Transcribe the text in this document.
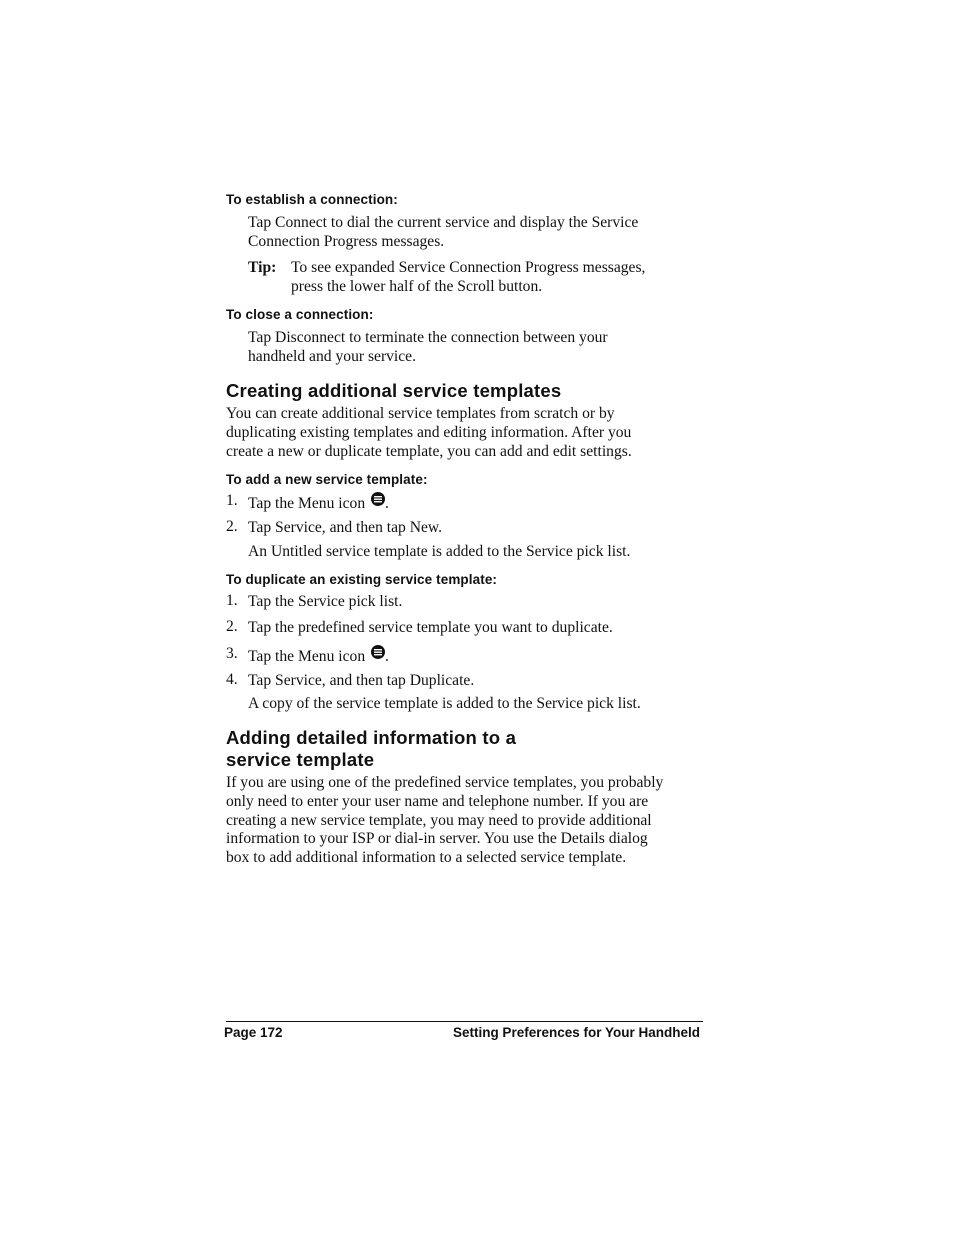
To establish a connection:
Tap Connect to dial the current service and display the Service
Connection Progress messages.
Tip: To see expanded Service Connection Progress messages,
press the lower half of the Scroll button.
To close a connection:
Tap Disconnect to terminate the connection between your
handheld and your service.
Creating additional service templates
You can create additional service templates from scratch or by
duplicating existing templates and editing information. After you
create a new or duplicate template, you can add and edit settings.
To add a new service template:
1. Tap the Menu icon .
2. Tap Service, and then tap New.
An Untitled service template is added to the Service pick list.
To duplicate an existing service template:
1. Tap the Service pick list.
2. Tap the predefined service template you want to duplicate.
3. Tap the Menu icon .
4. Tap Service, and then tap Duplicate.
A copy of the service template is added to the Service pick list.
Adding detailed information to a
service template
If you are using one of the predefined service templates, you probably
only need to enter your user name and telephone number. If you are
creating a new service template, you may need to provide additional
information to your ISP or dial-in server. You use the Details dialog
box to add additional information to a selected service template.
Page 172	Setting Preferences for Your Handheld
